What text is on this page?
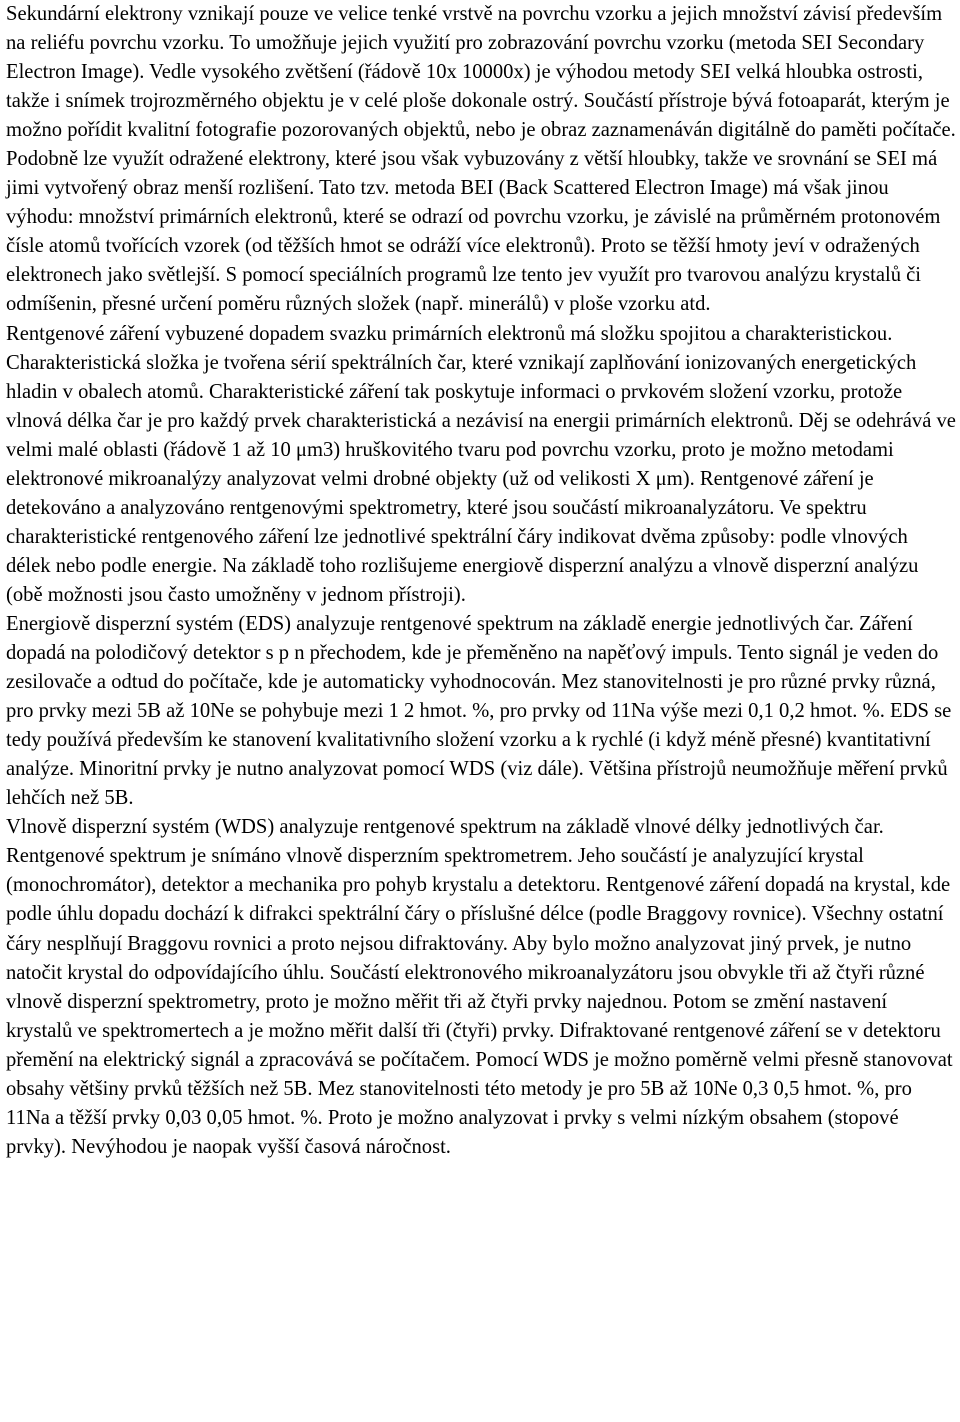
Sekundární elektrony vznikají pouze ve velice tenké vrstvě na povrchu vzorku a jejich množství závisí především na reliéfu povrchu vzorku. To umožňuje jejich využití pro zobrazování povrchu vzorku (metoda SEI Secondary Electron Image). Vedle vysokého zvětšení (řádově 10x 10000x) je výhodou metody SEI velká hloubka ostrosti, takže i snímek trojrozměrného objektu je v celé ploše dokonale ostrý. Součástí přístroje bývá fotoaparát, kterým je možno pořídit kvalitní fotografie pozorovaných objektů, nebo je obraz zaznamenáván digitálně do paměti počítače.

Podobně lze využít odražené elektrony, které jsou však vybuzovány z větší hloubky, takže ve srovnání se SEI má jimi vytvořený obraz menší rozlišení. Tato tzv. metoda BEI (Back Scattered Electron Image) má však jinou výhodu: množství primárních elektronů, které se odrazí od povrchu vzorku, je závislé na průměrném protonovém čísle atomů tvořících vzorek (od těžších hmot se odráží více elektronů). Proto se těžší hmoty jeví v odražených elektronech jako světlejší. S pomocí speciálních programů lze tento jev využít pro tvarovou analýzu krystalů či odmíšenin, přesné určení poměru různých složek (např. minerálů) v ploše vzorku atd.

Rentgenové záření vybuzené dopadem svazku primárních elektronů má složku spojitou a charakteristickou. Charakteristická složka je tvořena sérií spektrálních čar, které vznikají zaplňování ionizovaných energetických hladin v obalech atomů. Charakteristické záření tak poskytuje informaci o prvkovém složení vzorku, protože vlnová délka čar je pro každý prvek charakteristická a nezávisí na energii primárních elektronů. Děj se odehrává ve velmi malé oblasti (řádově 1 až 10 μm3) hruškovitého tvaru pod povrchu vzorku, proto je možno metodami elektronové mikroanalýzy analyzovat velmi drobné objekty (už od velikosti X μm). Rentgenové záření je detekováno a analyzováno rentgenovými spektrometry, které jsou součástí mikroanalyzátoru. Ve spektru charakteristické rentgenového záření lze jednotlivé spektrální čáry indikovat dvěma způsoby: podle vlnových délek nebo podle energie. Na základě toho rozlišujeme energiově disperzní analýzu a vlnově disperzní analýzu (obě možnosti jsou často umožněny v jednom přístroji).

Energiově disperzní systém (EDS) analyzuje rentgenové spektrum na základě energie jednotlivých čar. Záření dopadá na polodičový detektor s p n přechodem, kde je přeměněno na napěťový impuls. Tento signál je veden do zesilovače a odtud do počítače, kde je automaticky vyhodnocován. Mez stanovitelnosti je pro různé prvky různá, pro prvky mezi 5B až 10Ne se pohybuje mezi 1 2 hmot. %, pro prvky od 11Na výše mezi 0,1 0,2 hmot. %. EDS se tedy používá především ke stanovení kvalitativního složení vzorku a k rychlé (i když méně přesné) kvantitativní analýze. Minoritní prvky je nutno analyzovat pomocí WDS (viz dále). Většina přístrojů neumožňuje měření prvků lehčích než 5B.

Vlnově disperzní systém (WDS) analyzuje rentgenové spektrum na základě vlnové délky jednotlivých čar. Rentgenové spektrum je snímáno vlnově disperzním spektrometrem. Jeho součástí je analyzující krystal (monochromátor), detektor a mechanika pro pohyb krystalu a detektoru. Rentgenové záření dopadá na krystal, kde podle úhlu dopadu dochází k difrakci spektrální čáry o příslušné délce (podle Braggovy rovnice). Všechny ostatní čáry nesplňují Braggovu rovnici a proto nejsou difraktovány. Aby bylo možno analyzovat jiný prvek, je nutno natočit krystal do odpovídajícího úhlu. Součástí elektronového mikroanalyzátoru jsou obvykle tři až čtyři různé vlnově disperzní spektrometry, proto je možno měřit tři až čtyři prvky najednou. Potom se změní nastavení krystalů ve spektromertech a je možno měřit další tři (čtyři) prvky. Difraktované rentgenové záření se v detektoru přemění na elektrický signál a zpracovává se počítačem. Pomocí WDS je možno poměrně velmi přesně stanovovat obsahy většiny prvků těžších než 5B. Mez stanovitelnosti této metody je pro 5B až 10Ne 0,3 0,5 hmot. %, pro 11Na a těžší prvky 0,03 0,05 hmot. %. Proto je možno analyzovat i prvky s velmi nízkým obsahem (stopové prvky). Nevýhodou je naopak vyšší časová náročnost.
